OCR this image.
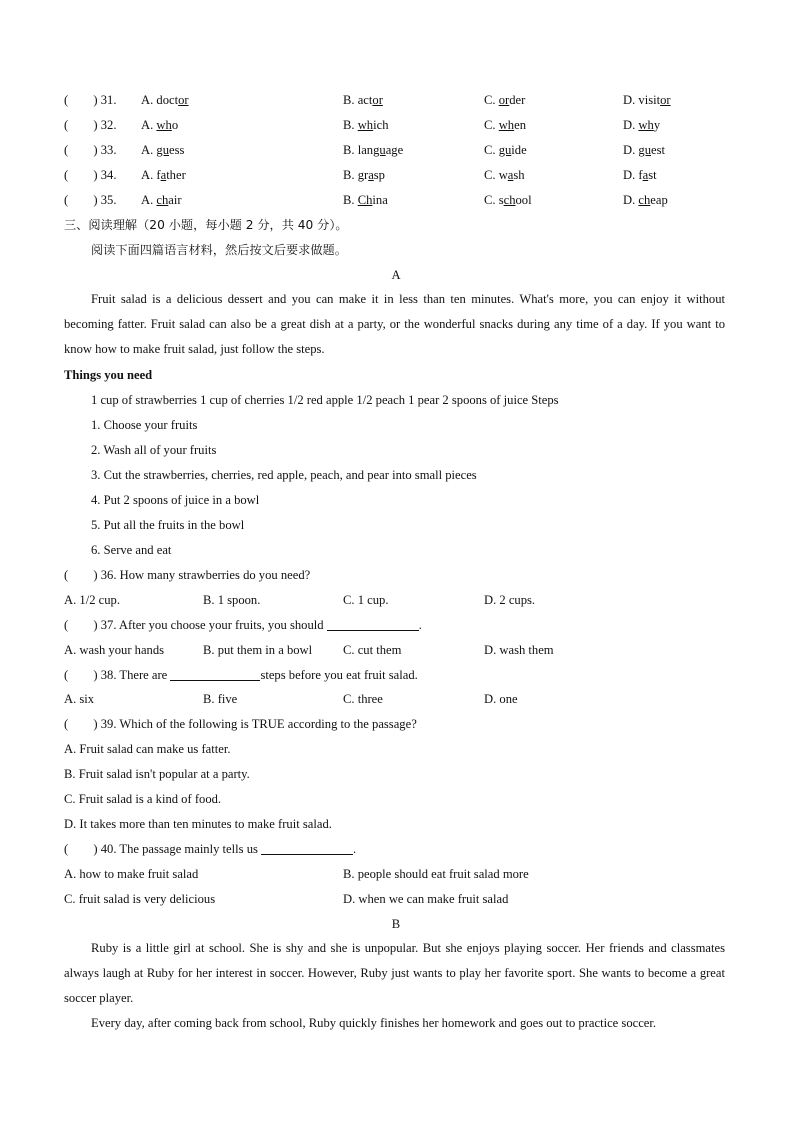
(        ) 31. A. doctor	B. actor	C. order	D. visitor
(        ) 32. A. who	B. which	C. when	D. why
(        ) 33. A. guess	B. language	C. guide	D. guest
(        ) 34. A. father	B. grasp	C. wash	D. fast
(        ) 35. A. chair	B. China	C. school	D. cheap
三、阅读理解（20 小题，每小题 2 分，共 40 分）。
阅读下面四篇语言材料，然后按文后要求做题。
A
Fruit salad is a delicious dessert and you can make it in less than ten minutes. What's more, you can enjoy it without becoming fatter. Fruit salad can also be a great dish at a party, or the wonderful snacks during any time of a day. If you want to know how to make fruit salad, just follow the steps.
Things you need
1 cup of strawberries 1 cup of cherries 1/2 red apple 1/2 peach 1 pear 2 spoons of juice Steps
1. Choose your fruits
2. Wash all of your fruits
3. Cut the strawberries, cherries, red apple, peach, and pear into small pieces
4. Put 2 spoons of juice in a bowl
5. Put all the fruits in the bowl
6. Serve and eat
(        ) 36. How many strawberries do you need?
A. 1/2 cup.	B. 1 spoon.	C. 1 cup.	D. 2 cups.
(        ) 37. After you choose your fruits, you should	.
A. wash your hands	B. put them in a bowl C. cut them	D. wash them
(        ) 38. There are	steps before you eat fruit salad.
A. six	B. five	C. three	D. one
(        ) 39. Which of the following is TRUE according to the passage?
A. Fruit salad can make us fatter.
B. Fruit salad isn't popular at a party.
C. Fruit salad is a kind of food.
D. It takes more than ten minutes to make fruit salad.
(        ) 40. The passage mainly tells us	.
A. how to make fruit salad	B. people should eat fruit salad more
C. fruit salad is very delicious	D. when we can make fruit salad
B
Ruby is a little girl at school. She is shy and she is unpopular. But she enjoys playing soccer. Her friends and classmates always laugh at Ruby for her interest in soccer. However, Ruby just wants to play her favorite sport. She wants to become a great soccer player.
Every day, after coming back from school, Ruby quickly finishes her homework and goes out to practice soccer.
